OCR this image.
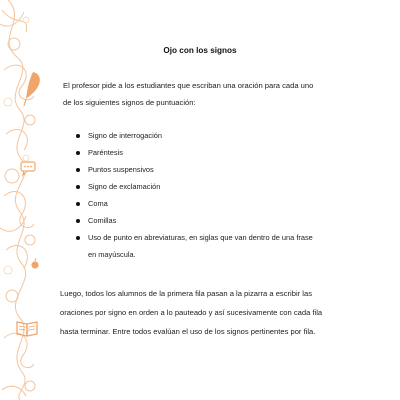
Ojo con los signos
El profesor pide a los estudiantes que escriban una oración para cada uno
de los siguientes signos de puntuación:
Signo de interrogación
Paréntesis
Puntos suspensivos
Signo de exclamación
Coma
Comillas
Uso de punto en abreviaturas, en siglas que van dentro de una frase
en mayúscula.
Luego, todos los alumnos de la primera fila pasan a la pizarra a escribir las
oraciones por signo en orden a lo pauteado y así sucesivamente con cada fila
hasta terminar. Entre todos evalúan el uso de los signos pertinentes por fila.
